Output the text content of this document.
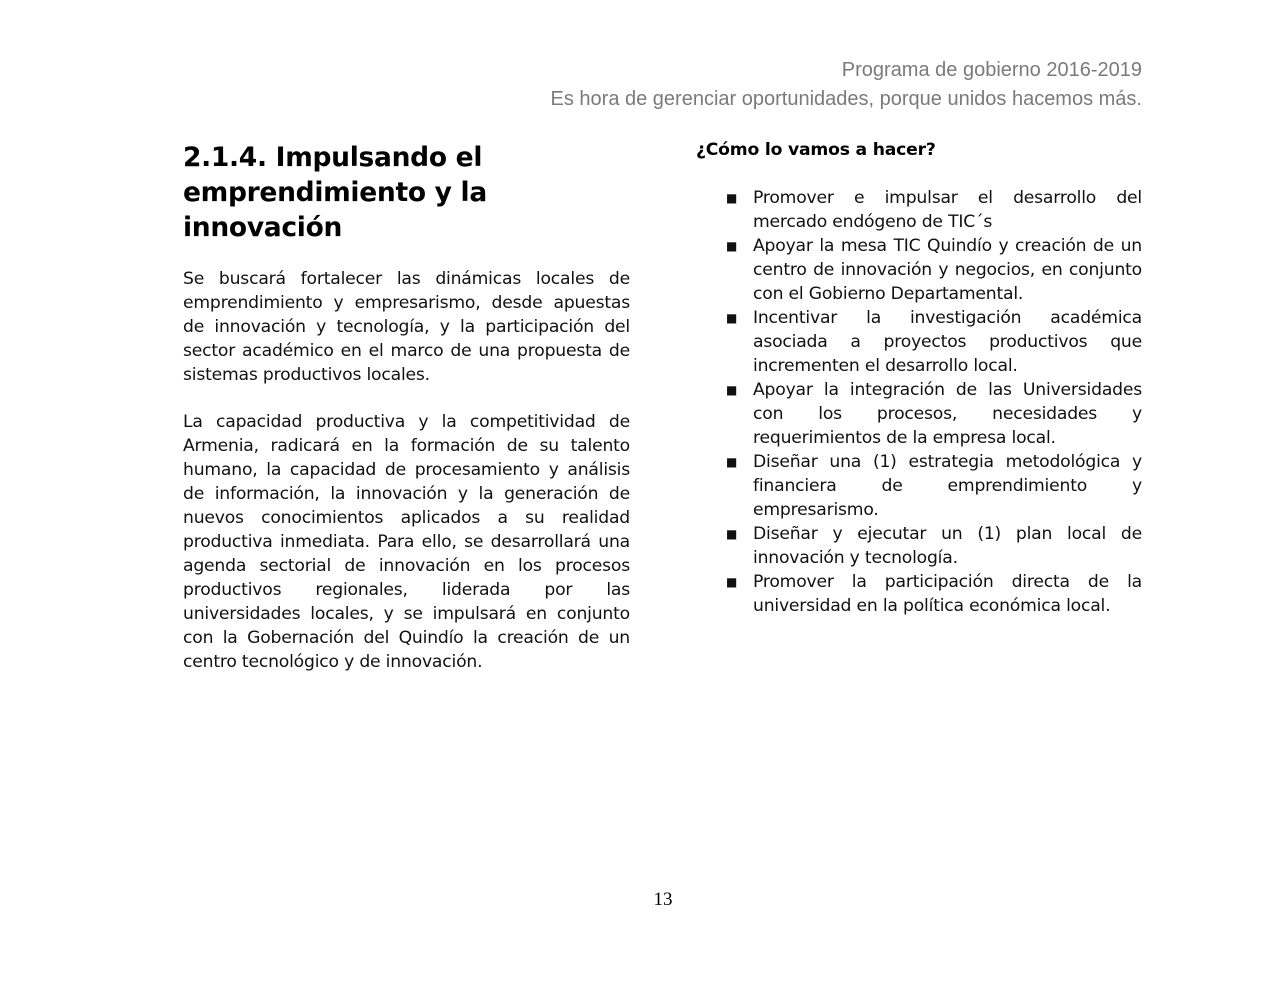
Programa de gobierno 2016-2019
Es hora de gerenciar oportunidades, porque unidos hacemos más.
2.1.4. Impulsando el emprendimiento y la innovación

Se buscará fortalecer las dinámicas locales de emprendimiento y empresarismo, desde apuestas de innovación y tecnología, y la participación del sector académico en el marco de una propuesta de sistemas productivos locales.

La capacidad productiva y la competitividad de Armenia, radicará en la formación de su talento humano, la capacidad de procesamiento y análisis de información, la innovación y la generación de nuevos conocimientos aplicados a su realidad productiva inmediata. Para ello, se desarrollará una agenda sectorial de innovación en los procesos productivos regionales, liderada por las universidades locales, y se impulsará en conjunto con la Gobernación del Quindío la creación de un centro tecnológico y de innovación.

¿Cómo lo vamos a hacer?
■ Promover e impulsar el desarrollo del mercado endógeno de TIC´s
■ Apoyar la mesa TIC Quindío y creación de un centro de innovación y negocios, en conjunto con el Gobierno Departamental.
■ Incentivar la investigación académica asociada a proyectos productivos que incrementen el desarrollo local.
■ Apoyar la integración de las Universidades con los procesos, necesidades y requerimientos de la empresa local.
■ Diseñar una (1) estrategia metodológica y financiera de emprendimiento y empresarismo.
■ Diseñar y ejecutar un (1) plan local de innovación y tecnología.
■ Promover la participación directa de la universidad en la política económica local.
13
